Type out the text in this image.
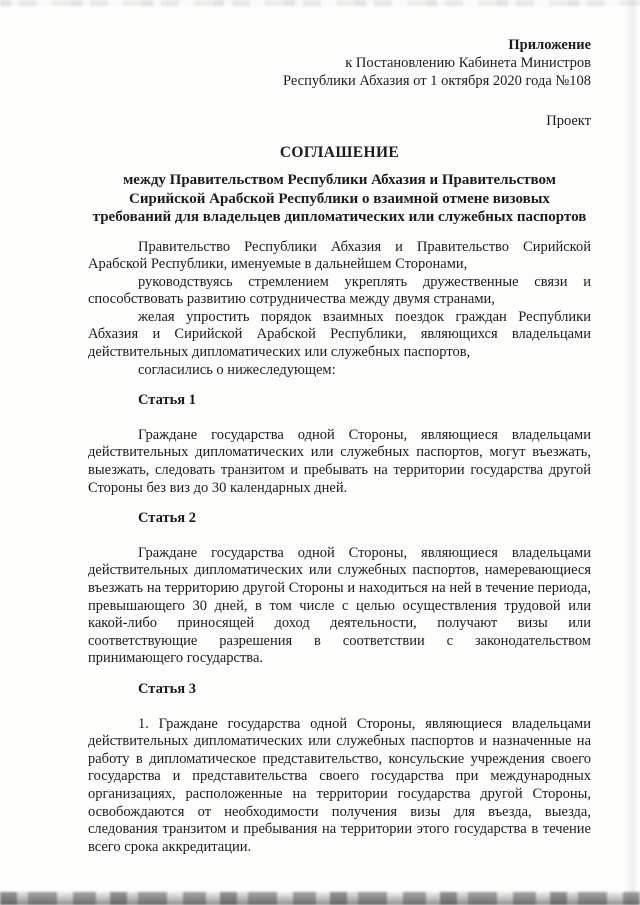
Приложение
к Постановлению Кабинета Министров
Республики Абхазия от 1 октября 2020 года №108
Проект
СОГЛАШЕНИЕ
между Правительством Республики Абхазия и Правительством Сирийской Арабской Республики о взаимной отмене визовых требований для владельцев дипломатических или служебных паспортов

Правительство Республики Абхазия и Правительство Сирийской Арабской Республики, именуемые в дальнейшем Сторонами,

руководствуясь стремлением укреплять дружественные связи и способствовать развитию сотрудничества между двумя странами,

желая упростить порядок взаимных поездок граждан Республики Абхазия и Сирийской Арабской Республики, являющихся владельцами действительных дипломатических или служебных паспортов,

согласились о нижеследующем:

Статья 1

Граждане государства одной Стороны, являющиеся владельцами действительных дипломатических или служебных паспортов, могут въезжать, выезжать, следовать транзитом и пребывать на территории государства другой Стороны без виз до 30 календарных дней.

Статья 2

Граждане государства одной Стороны, являющиеся владельцами действительных дипломатических или служебных паспортов, намеревающиеся въезжать на территорию другой Стороны и находиться на ней в течение периода, превышающего 30 дней, в том числе с целью осуществления трудовой или какой-либо приносящей доход деятельности, получают визы или соответствующие разрешения в соответствии с законодательством принимающего государства.

Статья 3

1. Граждане государства одной Стороны, являющиеся владельцами действительных дипломатических или служебных паспортов и назначенные на работу в дипломатическое представительство, консульские учреждения своего государства и представительства своего государства при международных организациях, расположенные на территории государства другой Стороны, освобождаются от необходимости получения визы для въезда, выезда, следования транзитом и пребывания на территории этого государства в течение всего срока аккредитации.
